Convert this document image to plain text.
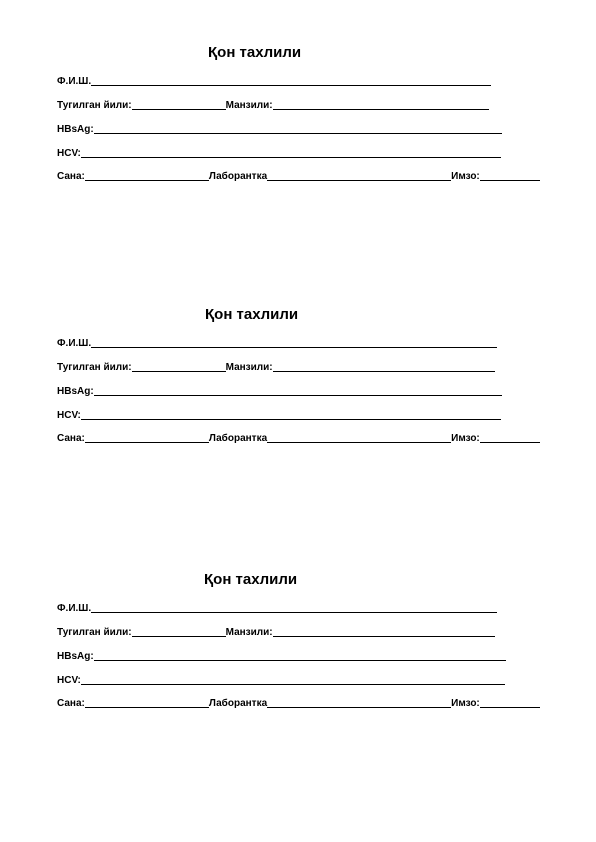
Қон тахлили
Ф.И.Ш.
Тугилган йили:	Манзили:
HBsAg:
HCV:
Сана:	Лаборантка	Имзо:
Қон тахлили
Ф.И.Ш.
Тугилган йили:	Манзили:
HBsAg:
HCV:
Сана:	Лаборантка	Имзо:
Қон тахлили
Ф.И.Ш.
Тугилган йили:	Манзили:
HBsAg:
HCV:
Сана:	Лаборантка	Имзо:
